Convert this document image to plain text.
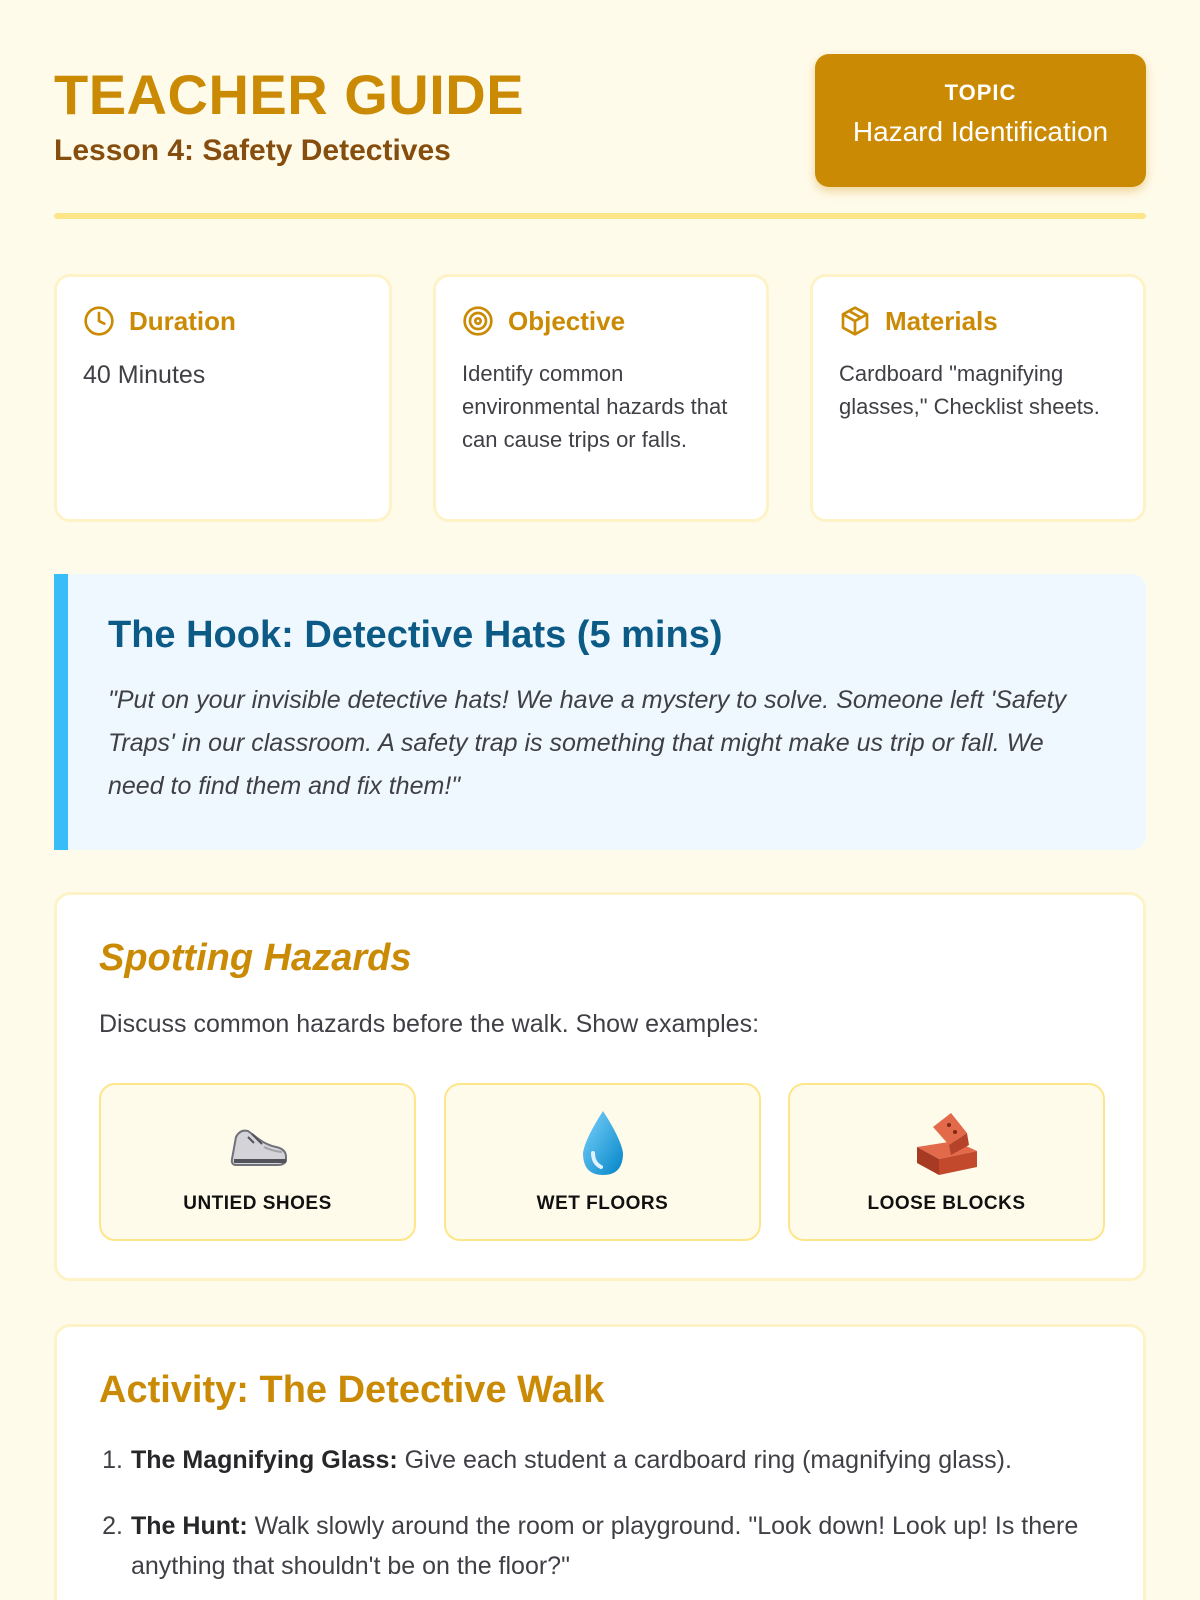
TEACHER GUIDE
Lesson 4: Safety Detectives
TOPIC
Hazard Identification
Duration
40 Minutes
Objective
Identify common environmental hazards that can cause trips or falls.
Materials
Cardboard "magnifying glasses," Checklist sheets.
The Hook: Detective Hats (5 mins)

"Put on your invisible detective hats! We have a mystery to solve. Someone left 'Safety Traps' in our classroom. A safety trap is something that might make us trip or fall. We need to find them and fix them!"

Spotting Hazards

Discuss common hazards before the walk. Show examples:

UNTIED SHOES	WET FLOORS	LOOSE BLOCKS
Activity: The Detective Walk
1. The Magnifying Glass: Give each student a cardboard ring (magnifying glass).
2. The Hunt: Walk slowly around the room or playground. "Look down! Look up! Is there anything that shouldn't be on the floor?"
